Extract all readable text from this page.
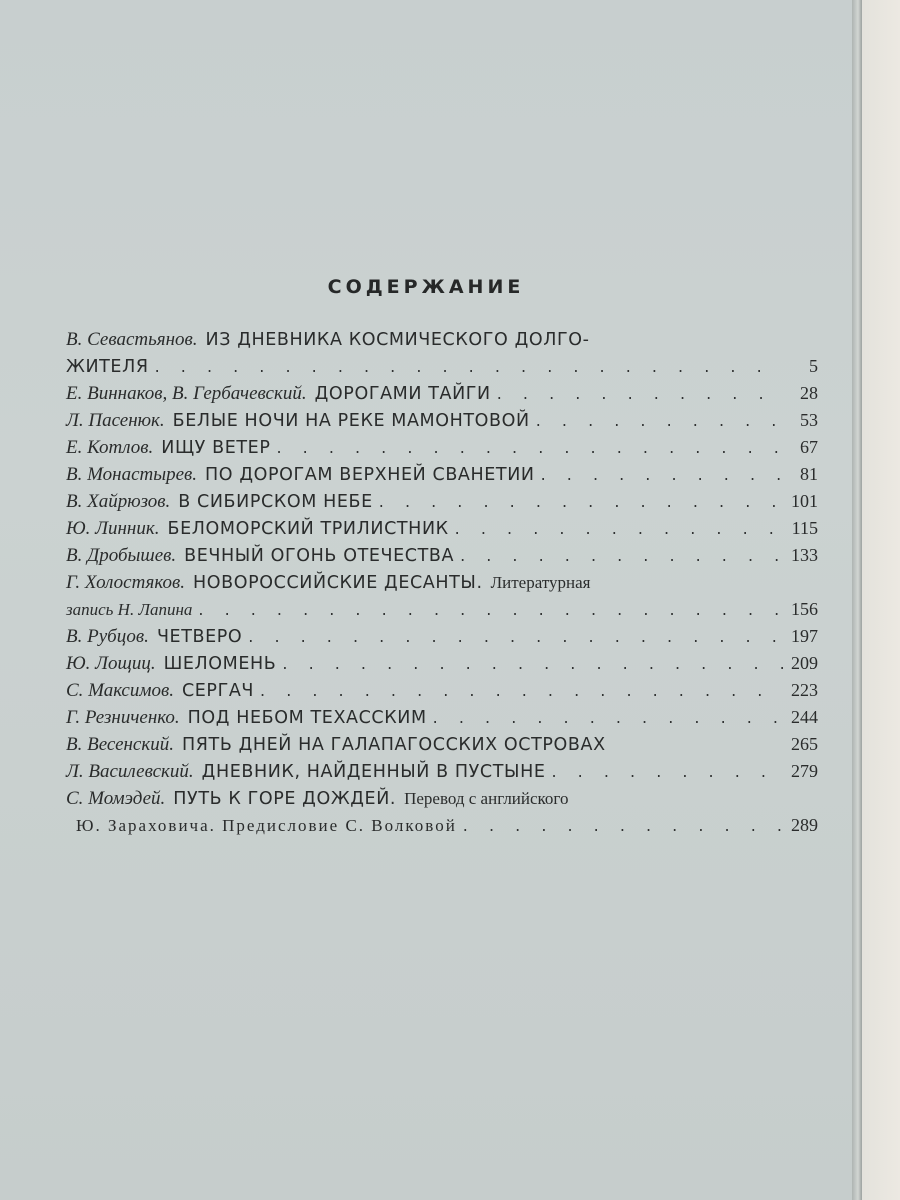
СОДЕРЖАНИЕ
В. Севастьянов. ИЗ ДНЕВНИКА КОСМИЧЕСКОГО ДОЛГО-
ЖИТЕЛЯ . . .	5
Е. Виннаков, В. Гербачевский. ДОРОГАМИ ТАЙГИ . . .	28
Л. Пасенюк. БЕЛЫЕ НОЧИ НА РЕКЕ МАМОНТОВОЙ . . .	53
Е. Котлов. ИЩУ ВЕТЕР . . .	67
В. Монастырев. ПО ДОРОГАМ ВЕРХНЕЙ СВАНЕТИИ . . .	81
В. Хайрюзов. В СИБИРСКОМ НЕБЕ . . .	101
Ю. Линник. БЕЛОМОРСКИЙ ТРИЛИСТНИК . . .	115
В. Дробышев. ВЕЧНЫЙ ОГОНЬ ОТЕЧЕСТВА . . .	133
Г. Холостяков. НОВОРОССИЙСКИЕ ДЕСАНТЫ. Литературная
запись Н. Лапина . . .	156
В. Рубцов. ЧЕТВЕРО . . .	197
Ю. Лощиц. ШЕЛОМЕНЬ . . .	209
С. Максимов. СЕРГАЧ . . .	223
Г. Резниченко. ПОД НЕБОМ ТЕХАССКИМ . . .	244
В. Весенский. ПЯТЬ ДНЕЙ НА ГАЛАПАГОССКИХ ОСТРОВАХ	265
Л. Василевский. ДНЕВНИК, НАЙДЕННЫЙ В ПУСТЫНЕ . . .	279
С. Момэдей. ПУТЬ К ГОРЕ ДОЖДЕЙ. Перевод с английского
Ю. Зараховича. Предисловие С. Волковой . . .	289
